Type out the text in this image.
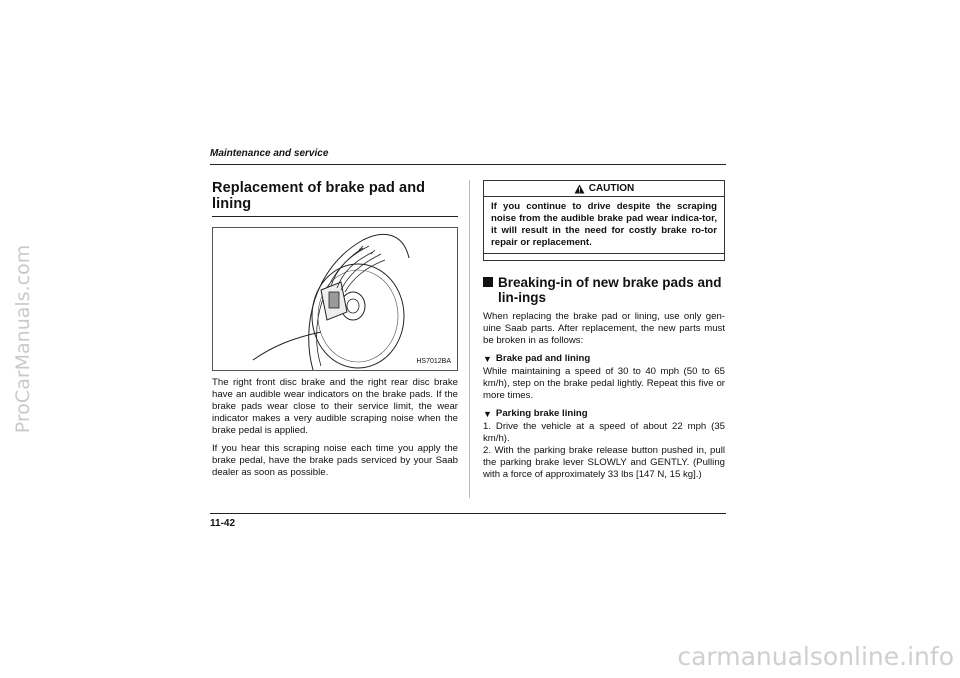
ProCarManuals.com
carmanualsonline.info
Maintenance and service
Replacement of brake pad and lining
HS7012BA

The right front disc brake and the right rear disc brake have an audible wear indicators on the brake pads. If the brake pads wear close to their service limit, the wear indicator makes a very audible scraping noise when the brake pedal is applied.

If you hear this scraping noise each time you apply the brake pedal, have the brake pads serviced by your Saab dealer as soon as possible.

CAUTION
If you continue to drive despite the scraping noise from the audible brake pad wear indica-tor, it will result in the need for costly brake ro-tor repair or replacement.
Breaking-in of new brake pads and lin-ings

When replacing the brake pad or lining, use only gen-uine Saab parts. After replacement, the new parts must be broken in as follows:

▼ Brake pad and lining

While maintaining a speed of 30 to 40 mph (50 to 65 km/h), step on the brake pedal lightly. Repeat this five or more times.

▼ Parking brake lining

1. Drive the vehicle at a speed of about 22 mph (35 km/h).

2. With the parking brake release button pushed in, pull the parking brake lever SLOWLY and GENTLY. (Pulling with a force of approximately 33 lbs [147 N, 15 kg].)

11-42
